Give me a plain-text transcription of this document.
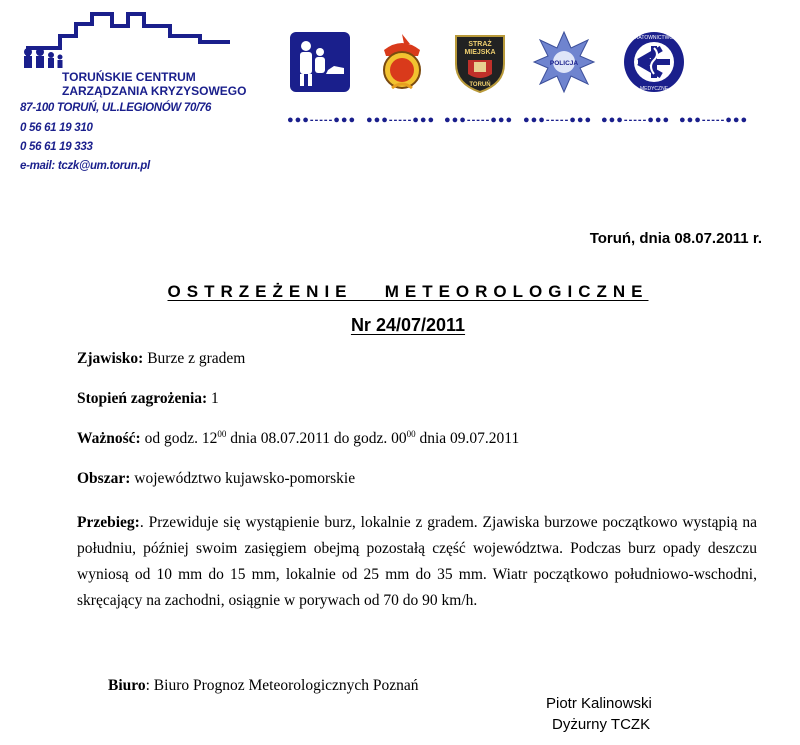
TORUŃSKIE CENTRUM
ZARZĄDZANIA KRYZYSOWEGO
87-100 TORUŃ, UL.LEGIONÓW 70/76
0 56 61 19 310
0 56 61 19 333
e-mail: tczk@um.torun.pl
STRAŻ
MIEJSKA
TORUŃ
POLICJA
RATOWNICTWO
MEDYCZNE
●●●-----●●● ●●●-----●●● ●●●-----●●● ●●●-----●●● ●●●-----●●● ●●●-----●●●
Toruń, dnia 08.07.2011 r.
OSTRZEŻENIE   METEOROLOGICZNE
Nr 24/07/2011
Zjawisko: Burze z gradem
Stopień zagrożenia: 1
Ważność: od godz. $12^{00}$ dnia 08.07.2011 do godz. $00^{00}$ dnia 09.07.2011
Obszar: województwo kujawsko-pomorskie
Przebieg:. Przewiduje się wystąpienie burz, lokalnie z gradem. Zjawiska burzowe początkowo wystąpią na południu, później swoim zasięgiem obejmą pozostałą część województwa. Podczas burz opady deszczu wyniosą od 10 mm do 15 mm, lokalnie od 25 mm do 35 mm. Wiatr początkowo południowo-wschodni, skręcający na zachodni, osiągnie w porywach od 70 do 90 km/h.
Biuro: Biuro Prognoz Meteorologicznych Poznań
Piotr Kalinowski
Dyżurny TCZK
